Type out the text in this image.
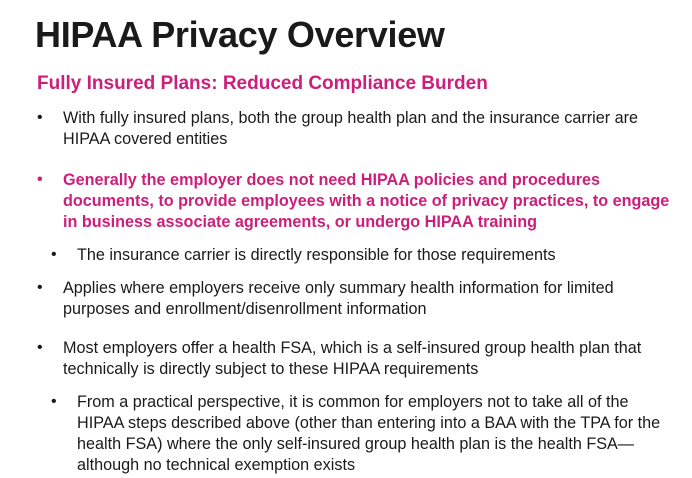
HIPAA Privacy Overview
Fully Insured Plans: Reduced Compliance Burden
• With fully insured plans, both the group health plan and the insurance carrier are HIPAA covered entities
• Generally the employer does not need HIPAA policies and procedures documents, to provide employees with a notice of privacy practices, to engage in business associate agreements, or undergo HIPAA training
• The insurance carrier is directly responsible for those requirements
• Applies where employers receive only summary health information for limited purposes and enrollment/disenrollment information
• Most employers offer a health FSA, which is a self-insured group health plan that technically is directly subject to these HIPAA requirements
• From a practical perspective, it is common for employers not to take all of the HIPAA steps described above (other than entering into a BAA with the TPA for the health FSA) where the only self-insured group health plan is the health FSA—although no technical exemption exists
